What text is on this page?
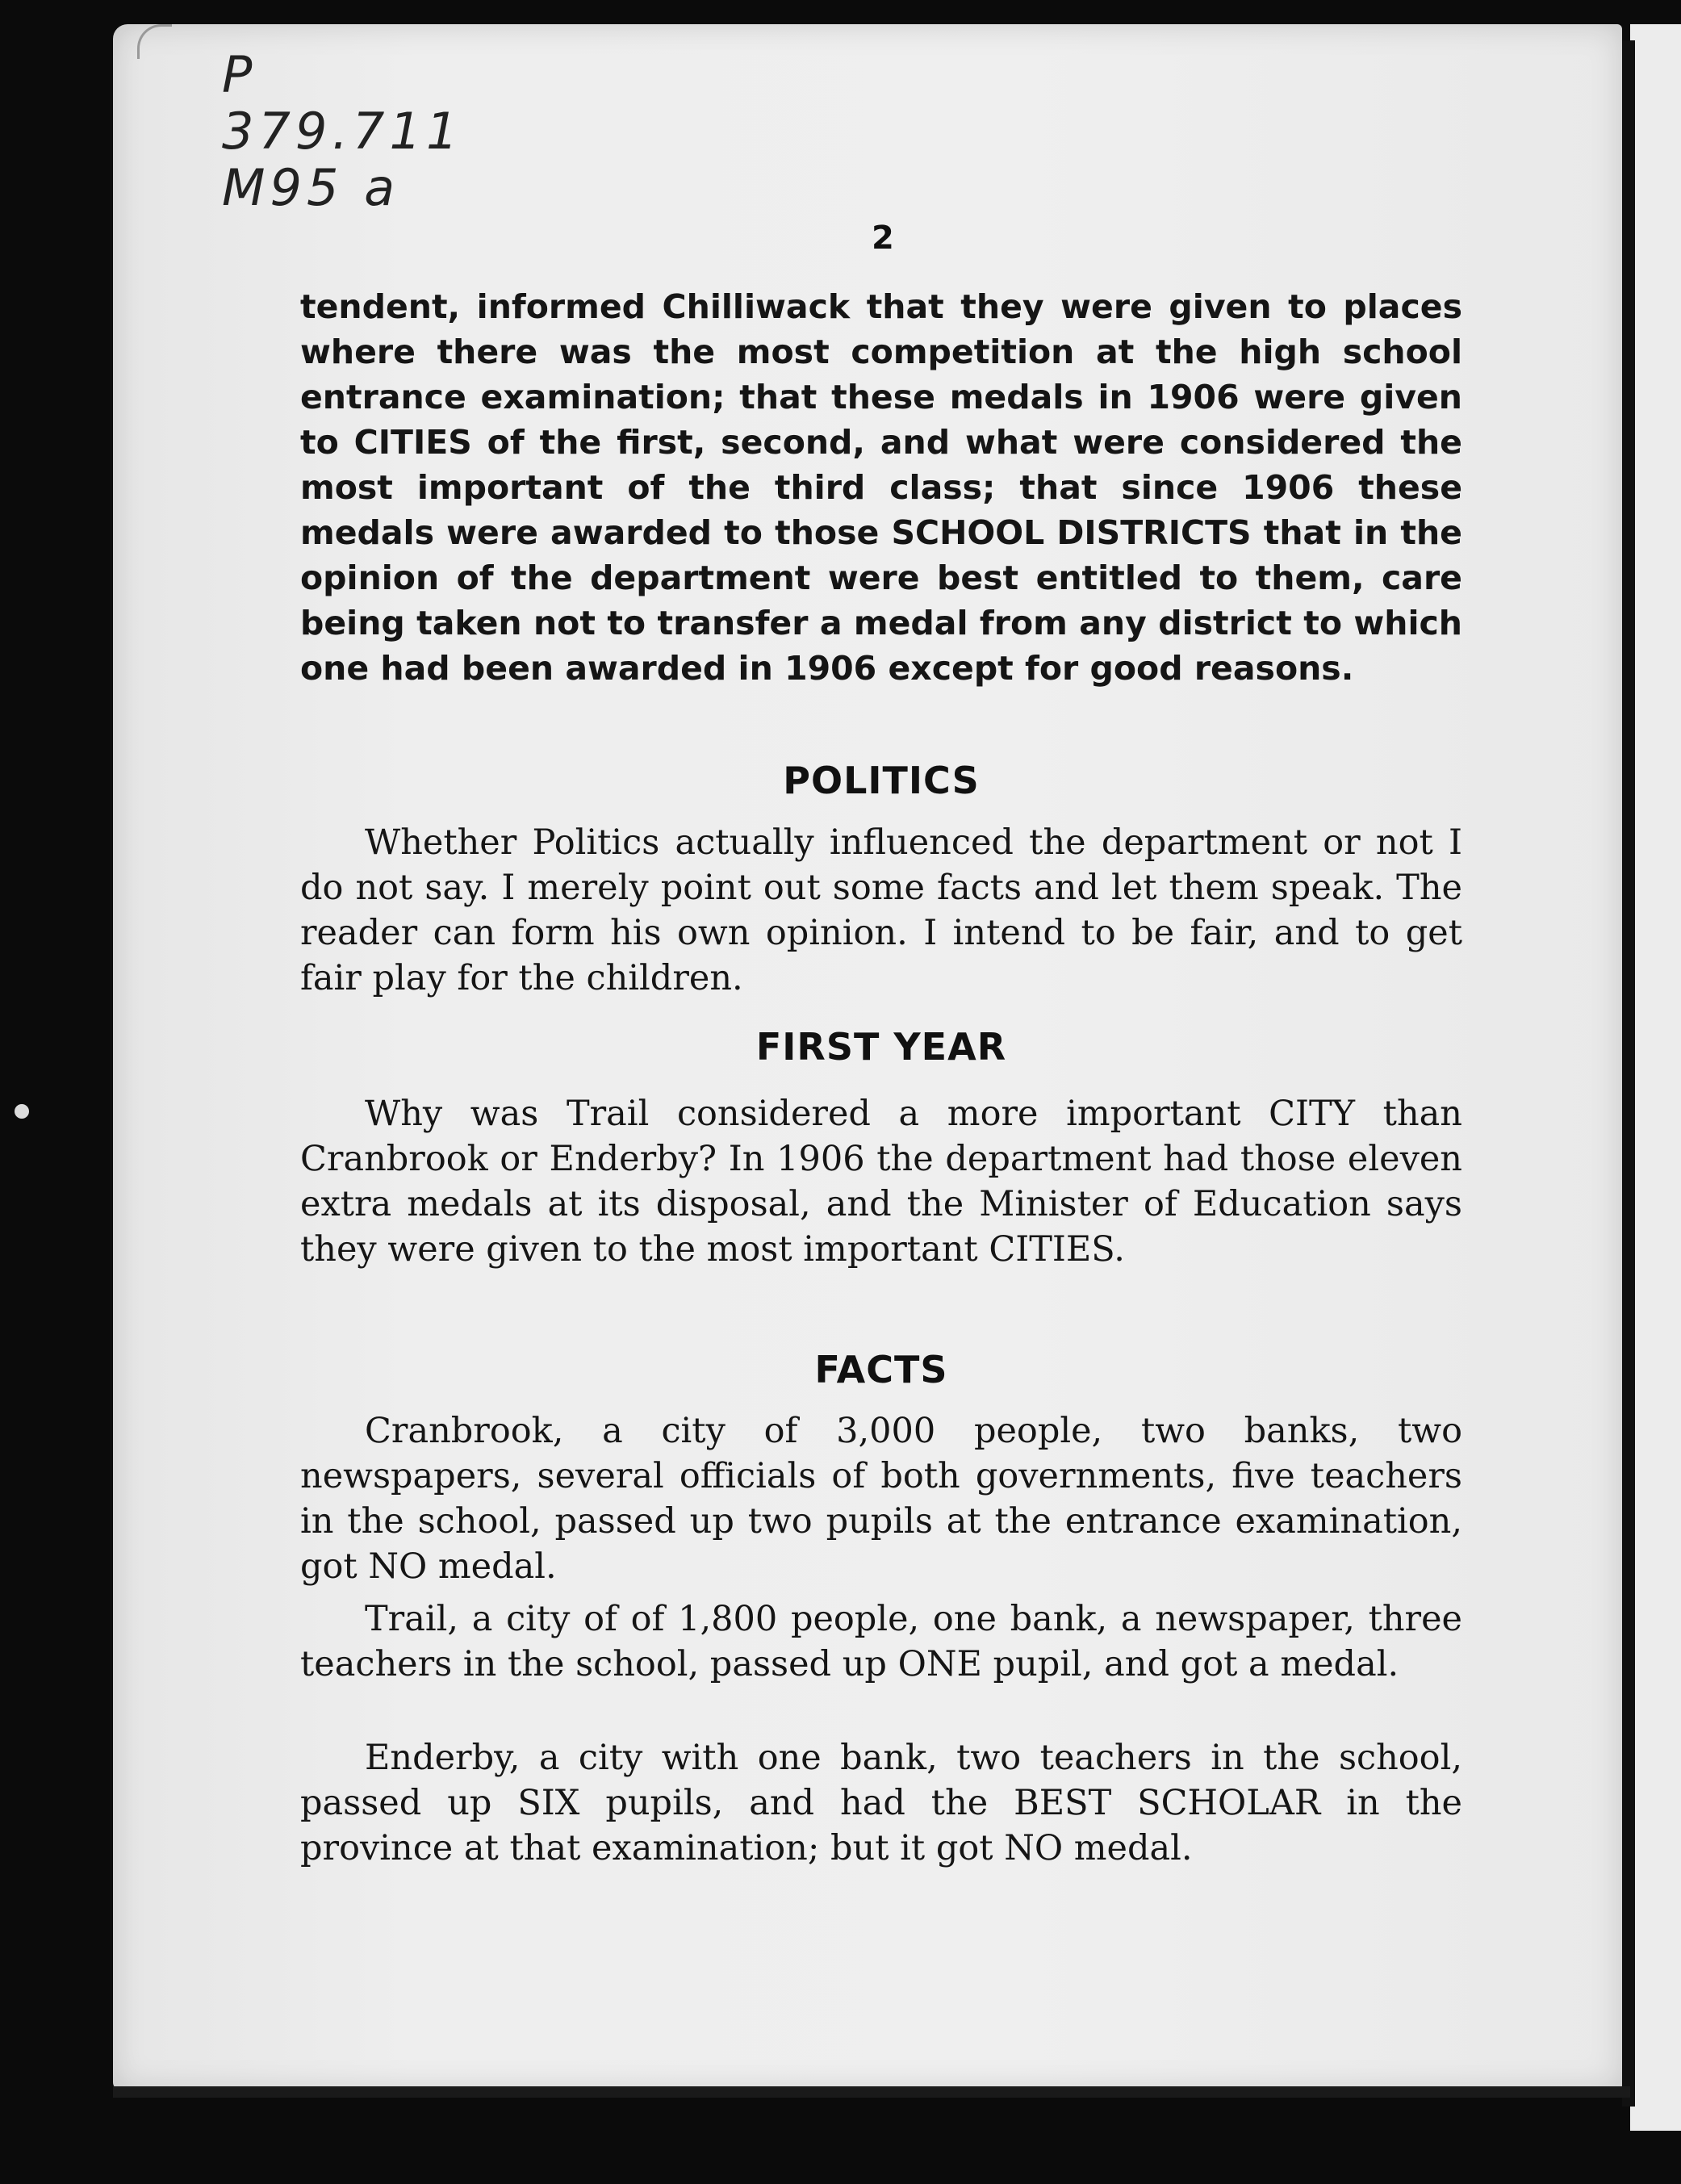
P
379.711
M95 a
2
tendent, informed Chilliwack that they were given to places where there was the most competition at the high school entrance examination; that these medals in 1906 were given to CITIES of the first, second, and what were considered the most important of the third class; that since 1906 these medals were awarded to those SCHOOL DISTRICTS that in the opinion of the department were best entitled to them, care being taken not to transfer a medal from any district to which one had been awarded in 1906 except for good reasons.
POLITICS
Whether Politics actually influenced the department or not I do not say. I merely point out some facts and let them speak. The reader can form his own opinion. I intend to be fair, and to get fair play for the children.
FIRST YEAR
Why was Trail considered a more important CITY than Cranbrook or Enderby? In 1906 the department had those eleven extra medals at its disposal, and the Minister of Education says they were given to the most important CITIES.
FACTS
Cranbrook, a city of 3,000 people, two banks, two newspapers, several officials of both governments, five teachers in the school, passed up two pupils at the entrance examination, got NO medal.
Trail, a city of of 1,800 people, one bank, a newspaper, three teachers in the school, passed up ONE pupil, and got a medal.
Enderby, a city with one bank, two teachers in the school, passed up SIX pupils, and had the BEST SCHOLAR in the province at that examination; but it got NO medal.
